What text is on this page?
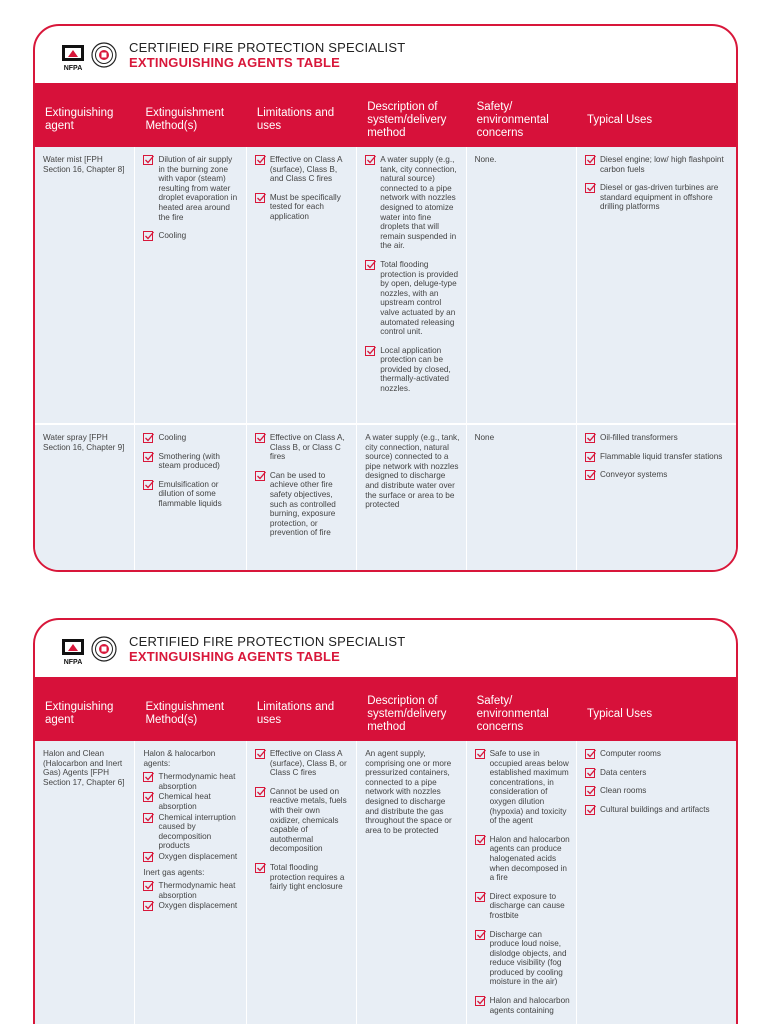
NFPA
CERTIFIED FIRE PROTECTION SPECIALIST
EXTINGUISHING AGENTS TABLE
Extinguishing agent
Extinguishment Method(s)
Limitations and uses
Description of system/delivery method
Safety/ environmental concerns
Typical Uses
Water mist [FPH Section 16, Chapter 8]
Dilution of air supply in the burning zone with vapor (steam) resulting from water droplet evaporation in heated area around the fire
Cooling
Effective on Class A (surface), Class B, and Class C fires
Must be specifically tested for each application
A water supply (e.g., tank, city connection, natural source) connected to a pipe network with nozzles designed to atomize water into fine droplets that will remain suspended in the air.
Total flooding protection is provided by open, deluge-type nozzles, with an upstream control valve actuated by an automated releasing control unit.
Local application protection can be provided by closed, thermally-activated nozzles.
None.	Diesel engine; low/ high flashpoint carbon fuels
Diesel or gas-driven turbines are standard equipment in offshore drilling platforms
Water spray [FPH Section 16, Chapter 9]
Cooling
Smothering (with steam produced)
Emulsification or dilution of some flammable liquids
Effective on Class A, Class B, or Class C fires
Can be used to achieve other fire safety objectives, such as controlled burning, exposure protection, or prevention of fire
A water supply (e.g., tank, city connection, natural source) connected to a pipe network with nozzles designed to discharge and distribute water over the surface or area to be protected
None	Oil-filled transformers
Flammable liquid transfer stations
Conveyor systems
NFPA
CERTIFIED FIRE PROTECTION SPECIALIST
EXTINGUISHING AGENTS TABLE
Extinguishing agent
Extinguishment Method(s)
Limitations and uses
Description of system/delivery method
Safety/ environmental concerns
Typical Uses
Halon and Clean (Halocarbon and Inert Gas) Agents [FPH Section 17, Chapter 6]
Halon & halocarbon agents:
Thermodynamic heat absorption
Chemical heat absorption
Chemical interruption caused by decomposition products
Oxygen displacement
Inert gas agents:
Thermodynamic heat absorption
Oxygen displacement
Effective on Class A (surface), Class B, or Class C fires
Cannot be used on reactive metals, fuels with their own oxidizer, chemicals capable of autothermal decomposition
Total flooding protection requires a fairly tight enclosure
An agent supply, comprising one or more pressurized containers, connected to a pipe network with nozzles designed to discharge and distribute the gas throughout the space or area to be protected
Safe to use in occupied areas below established maximum concentrations, in consideration of oxygen dilution (hypoxia) and toxicity of the agent
Halon and halocarbon agents can produce halogenated acids when decomposed in a fire
Direct exposure to discharge can cause frostbite
Discharge can produce loud noise, dislodge objects, and reduce visibility (fog produced by cooling moisture in the air)
Halon and halocarbon agents containing
Computer rooms
Data centers
Clean rooms
Cultural buildings and artifacts
